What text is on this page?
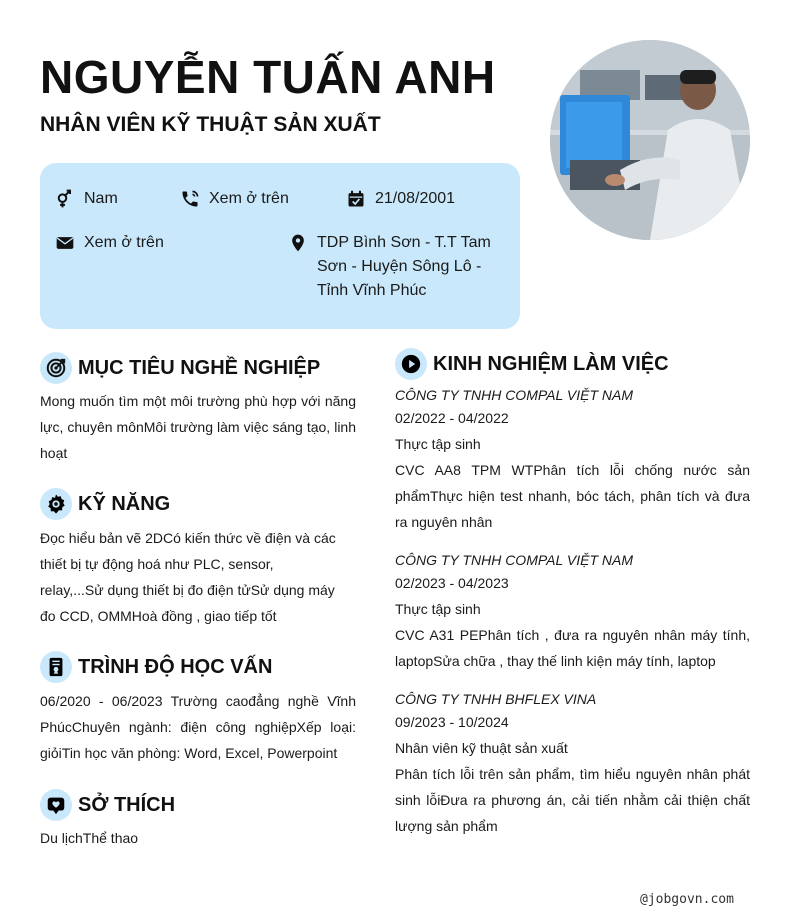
NGUYỄN TUẤN ANH
NHÂN VIÊN KỸ THUẬT SẢN XUẤT
Nam	Xem ở trên	21/08/2001
Xem ở trên	TDP Bình Sơn - T.T Tam Sơn - Huyện Sông Lô - Tỉnh Vĩnh Phúc
MỤC TIÊU NGHỀ NGHIỆP
Mong muốn tìm một môi trường phù hợp với năng lực, chuyên mônMôi trường làm việc sáng tạo, linh hoạt
KỸ NĂNG
Đọc hiểu bản vẽ 2DCó kiến thức về điện và các thiết bị tự động hoá như PLC, sensor, relay,...Sử dụng thiết bị đo điện tửSử dụng máy đo CCD, OMMHoà đồng , giao tiếp tốt
TRÌNH ĐỘ HỌC VẤN
06/2020 - 06/2023 Trường caođẳng nghề Vĩnh PhúcChuyên ngành: điện công nghiệpXếp loại: giỏiTin học văn phòng: Word, Excel, Powerpoint
SỞ THÍCH
Du lịchThể thao
KINH NGHIỆM LÀM VIỆC
CÔNG TY TNHH COMPAL VIỆT NAM
02/2022 - 04/2022
Thực tập sinh
CVC AA8 TPM WTPhân tích lỗi chống nước sản phẩmThực hiện test nhanh, bóc tách, phân tích và đưa ra nguyên nhân
CÔNG TY TNHH COMPAL VIỆT NAM
02/2023 - 04/2023
Thực tập sinh
CVC A31 PEPhân tích , đưa ra nguyên nhân máy tính, laptopSửa chữa , thay thế linh kiện máy tính, laptop
CÔNG TY TNHH BHFLEX VINA
09/2023 - 10/2024
Nhân viên kỹ thuật sản xuất
Phân tích lỗi trên sản phẩm, tìm hiểu nguyên nhân phát sinh lỗiĐưa ra phương án, cải tiến nhằm cải thiện chất lượng sản phẩm
@jobgovn.com
